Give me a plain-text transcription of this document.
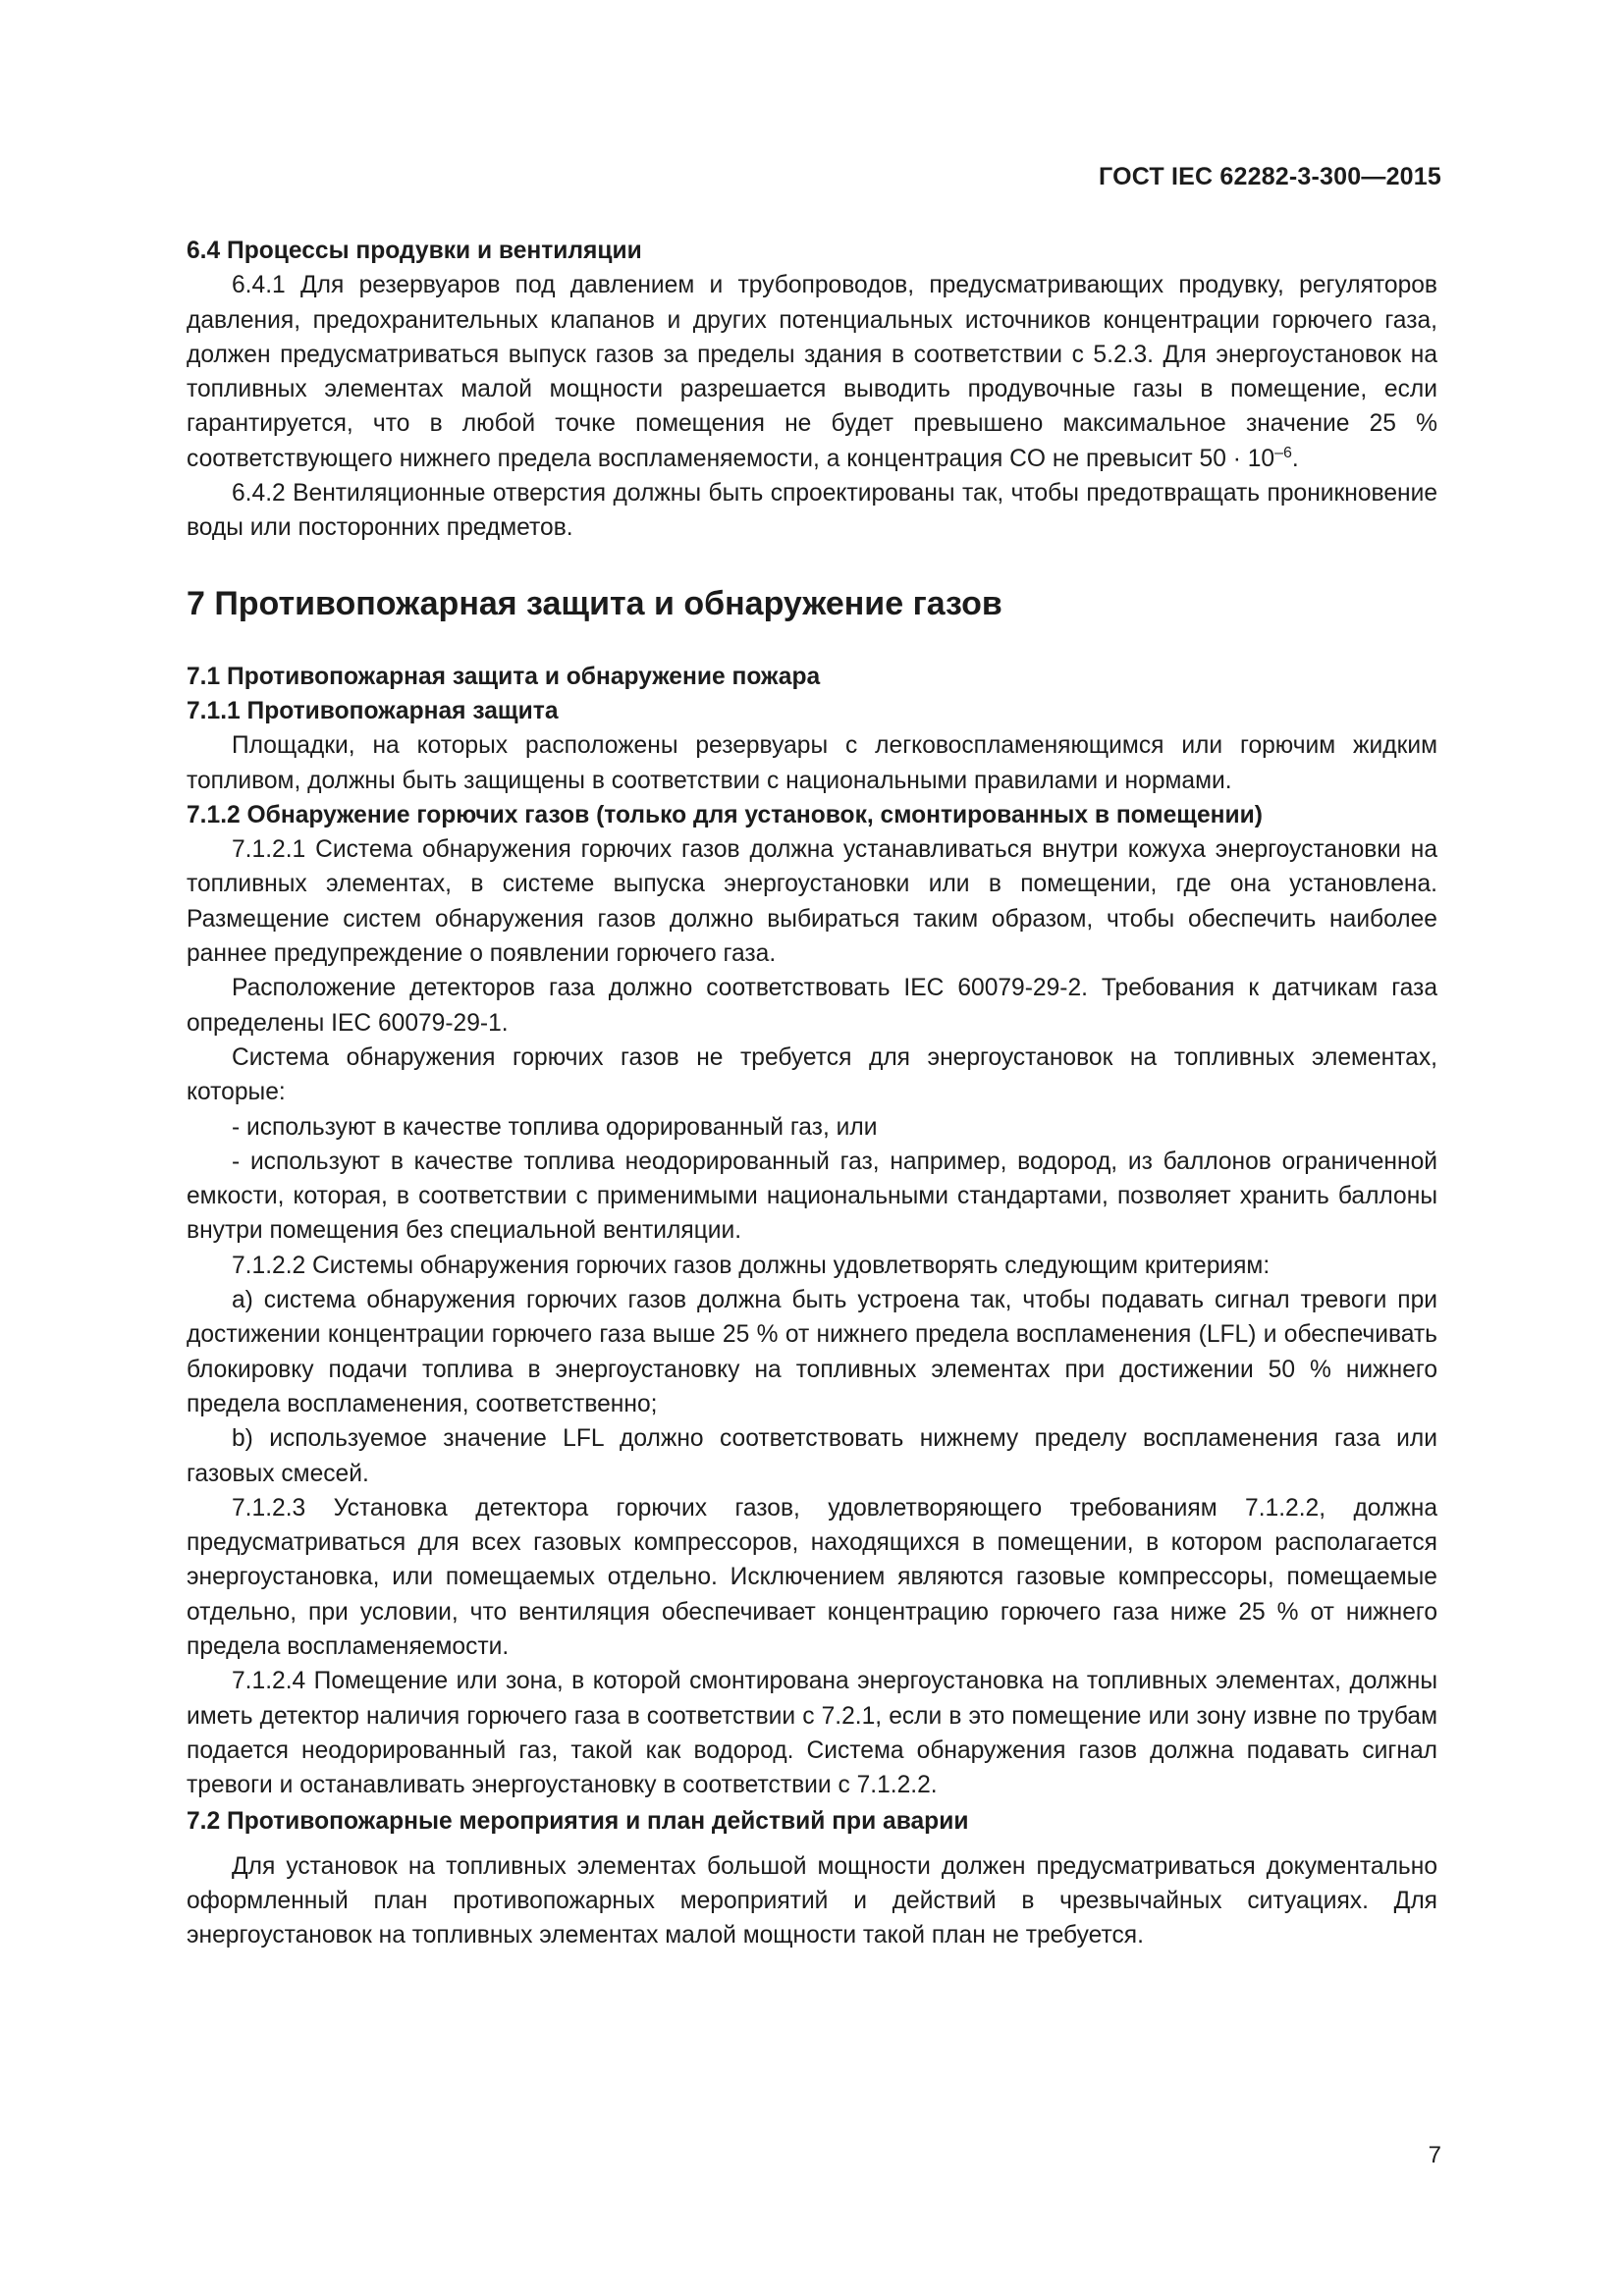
ГОСТ IEC 62282-3-300—2015

6.4 Процессы продувки и вентиляции

6.4.1 Для резервуаров под давлением и трубопроводов, предусматривающих продувку, регуляторов давления, предохранительных клапанов и других потенциальных источников концентрации горючего газа, должен предусматриваться выпуск газов за пределы здания в соответствии с 5.2.3. Для энергоустановок на топливных элементах малой мощности разрешается выводить продувочные газы в помещение, если гарантируется, что в любой точке помещения не будет превышено максимальное значение 25 % соответствующего нижнего предела воспламеняемости, а концентрация CO не превысит $50 \cdot 10^{-6}$.

6.4.2 Вентиляционные отверстия должны быть спроектированы так, чтобы предотвращать проникновение воды или посторонних предметов.

7 Противопожарная защита и обнаружение газов

7.1 Противопожарная защита и обнаружение пожара

7.1.1 Противопожарная защита

Площадки, на которых расположены резервуары с легковоспламеняющимся или горючим жидким топливом, должны быть защищены в соответствии с национальными правилами и нормами.

7.1.2 Обнаружение горючих газов (только для установок, смонтированных в помещении)

7.1.2.1 Система обнаружения горючих газов должна устанавливаться внутри кожуха энергоустановки на топливных элементах, в системе выпуска энергоустановки или в помещении, где она установлена. Размещение систем обнаружения газов должно выбираться таким образом, чтобы обеспечить наиболее раннее предупреждение о появлении горючего газа.

Расположение детекторов газа должно соответствовать IEC 60079-29-2. Требования к датчикам газа определены IEC 60079-29-1.

Система обнаружения горючих газов не требуется для энергоустановок на топливных элементах, которые:

- используют в качестве топлива одорированный газ, или

- используют в качестве топлива неодорированный газ, например, водород, из баллонов ограниченной емкости, которая, в соответствии с применимыми национальными стандартами, позволяет хранить баллоны внутри помещения без специальной вентиляции.

7.1.2.2 Системы обнаружения горючих газов должны удовлетворять следующим критериям:

a) система обнаружения горючих газов должна быть устроена так, чтобы подавать сигнал тревоги при достижении концентрации горючего газа выше 25 % от нижнего предела воспламенения (LFL) и обеспечивать блокировку подачи топлива в энергоустановку на топливных элементах при достижении 50 % нижнего предела воспламенения, соответственно;

b) используемое значение LFL должно соответствовать нижнему пределу воспламенения газа или газовых смесей.

7.1.2.3 Установка детектора горючих газов, удовлетворяющего требованиям 7.1.2.2, должна предусматриваться для всех газовых компрессоров, находящихся в помещении, в котором располагается энергоустановка, или помещаемых отдельно. Исключением являются газовые компрессоры, помещаемые отдельно, при условии, что вентиляция обеспечивает концентрацию горючего газа ниже 25 % от нижнего предела воспламеняемости.

7.1.2.4 Помещение или зона, в которой смонтирована энергоустановка на топливных элементах, должны иметь детектор наличия горючего газа в соответствии с 7.2.1, если в это помещение или зону извне по трубам подается неодорированный газ, такой как водород. Система обнаружения газов должна подавать сигнал тревоги и останавливать энергоустановку в соответствии с 7.1.2.2.

7.2 Противопожарные мероприятия и план действий при аварии

Для установок на топливных элементах большой мощности должен предусматриваться документально оформленный план противопожарных мероприятий и действий в чрезвычайных ситуациях. Для энергоустановок на топливных элементах малой мощности такой план не требуется.

7
